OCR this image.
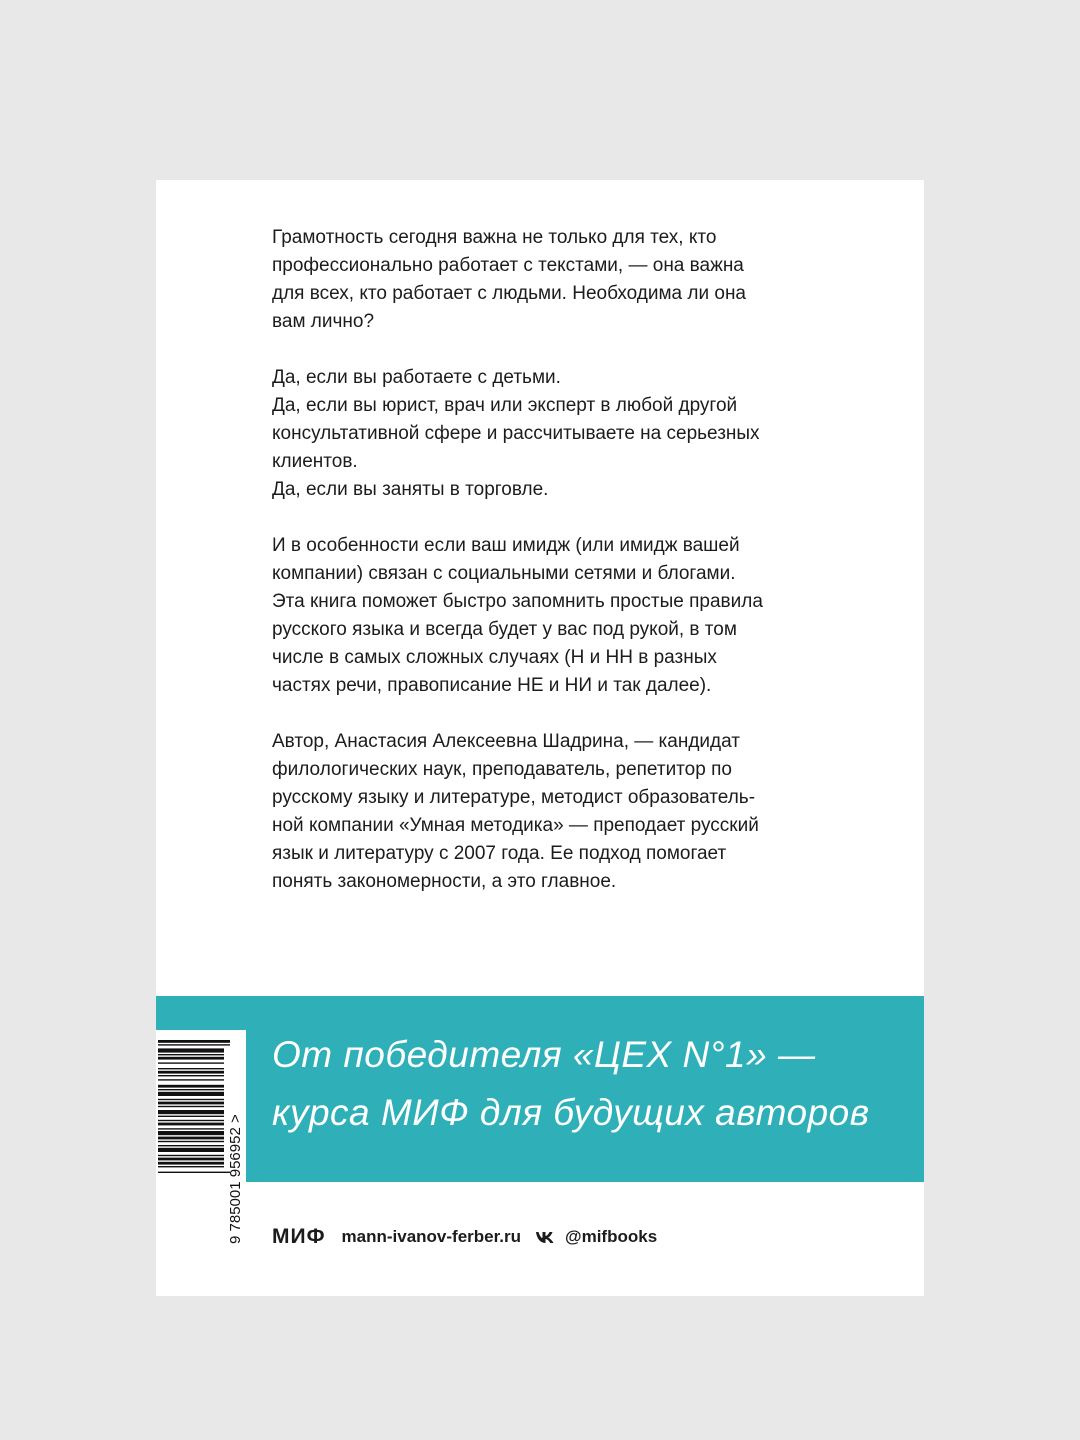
Грамотность сегодня важна не только для тех, кто
профессионально работает с текстами, — она важна
для всех, кто работает с людьми. Необходима ли она
вам лично?

Да, если вы работаете с детьми.
Да, если вы юрист, врач или эксперт в любой другой
консультативной сфере и рассчитываете на серьезных
клиентов.
Да, если вы заняты в торговле.

И в особенности если ваш имидж (или имидж вашей
компании) связан с социальными сетями и блогами.
Эта книга поможет быстро запомнить простые правила
русского языка и всегда будет у вас под рукой, в том
числе в самых сложных случаях (Н и НН в разных
частях речи, правописание НЕ и НИ и так далее).

Автор, Анастасия Алексеевна Шадрина, — кандидат
филологических наук, преподаватель, репетитор по
русскому языку и литературе, методист образователь-
ной компании «Умная методика» — преподает русский
язык и литературу с 2007 года. Ее подход помогает
понять закономерности, а это главное.

От победителя «ЦЕХ N°1» —
курса МИФ для будущих авторов
9 785001 956952 > МИФ mann-ivanov-ferber.ru	@mifbooks
